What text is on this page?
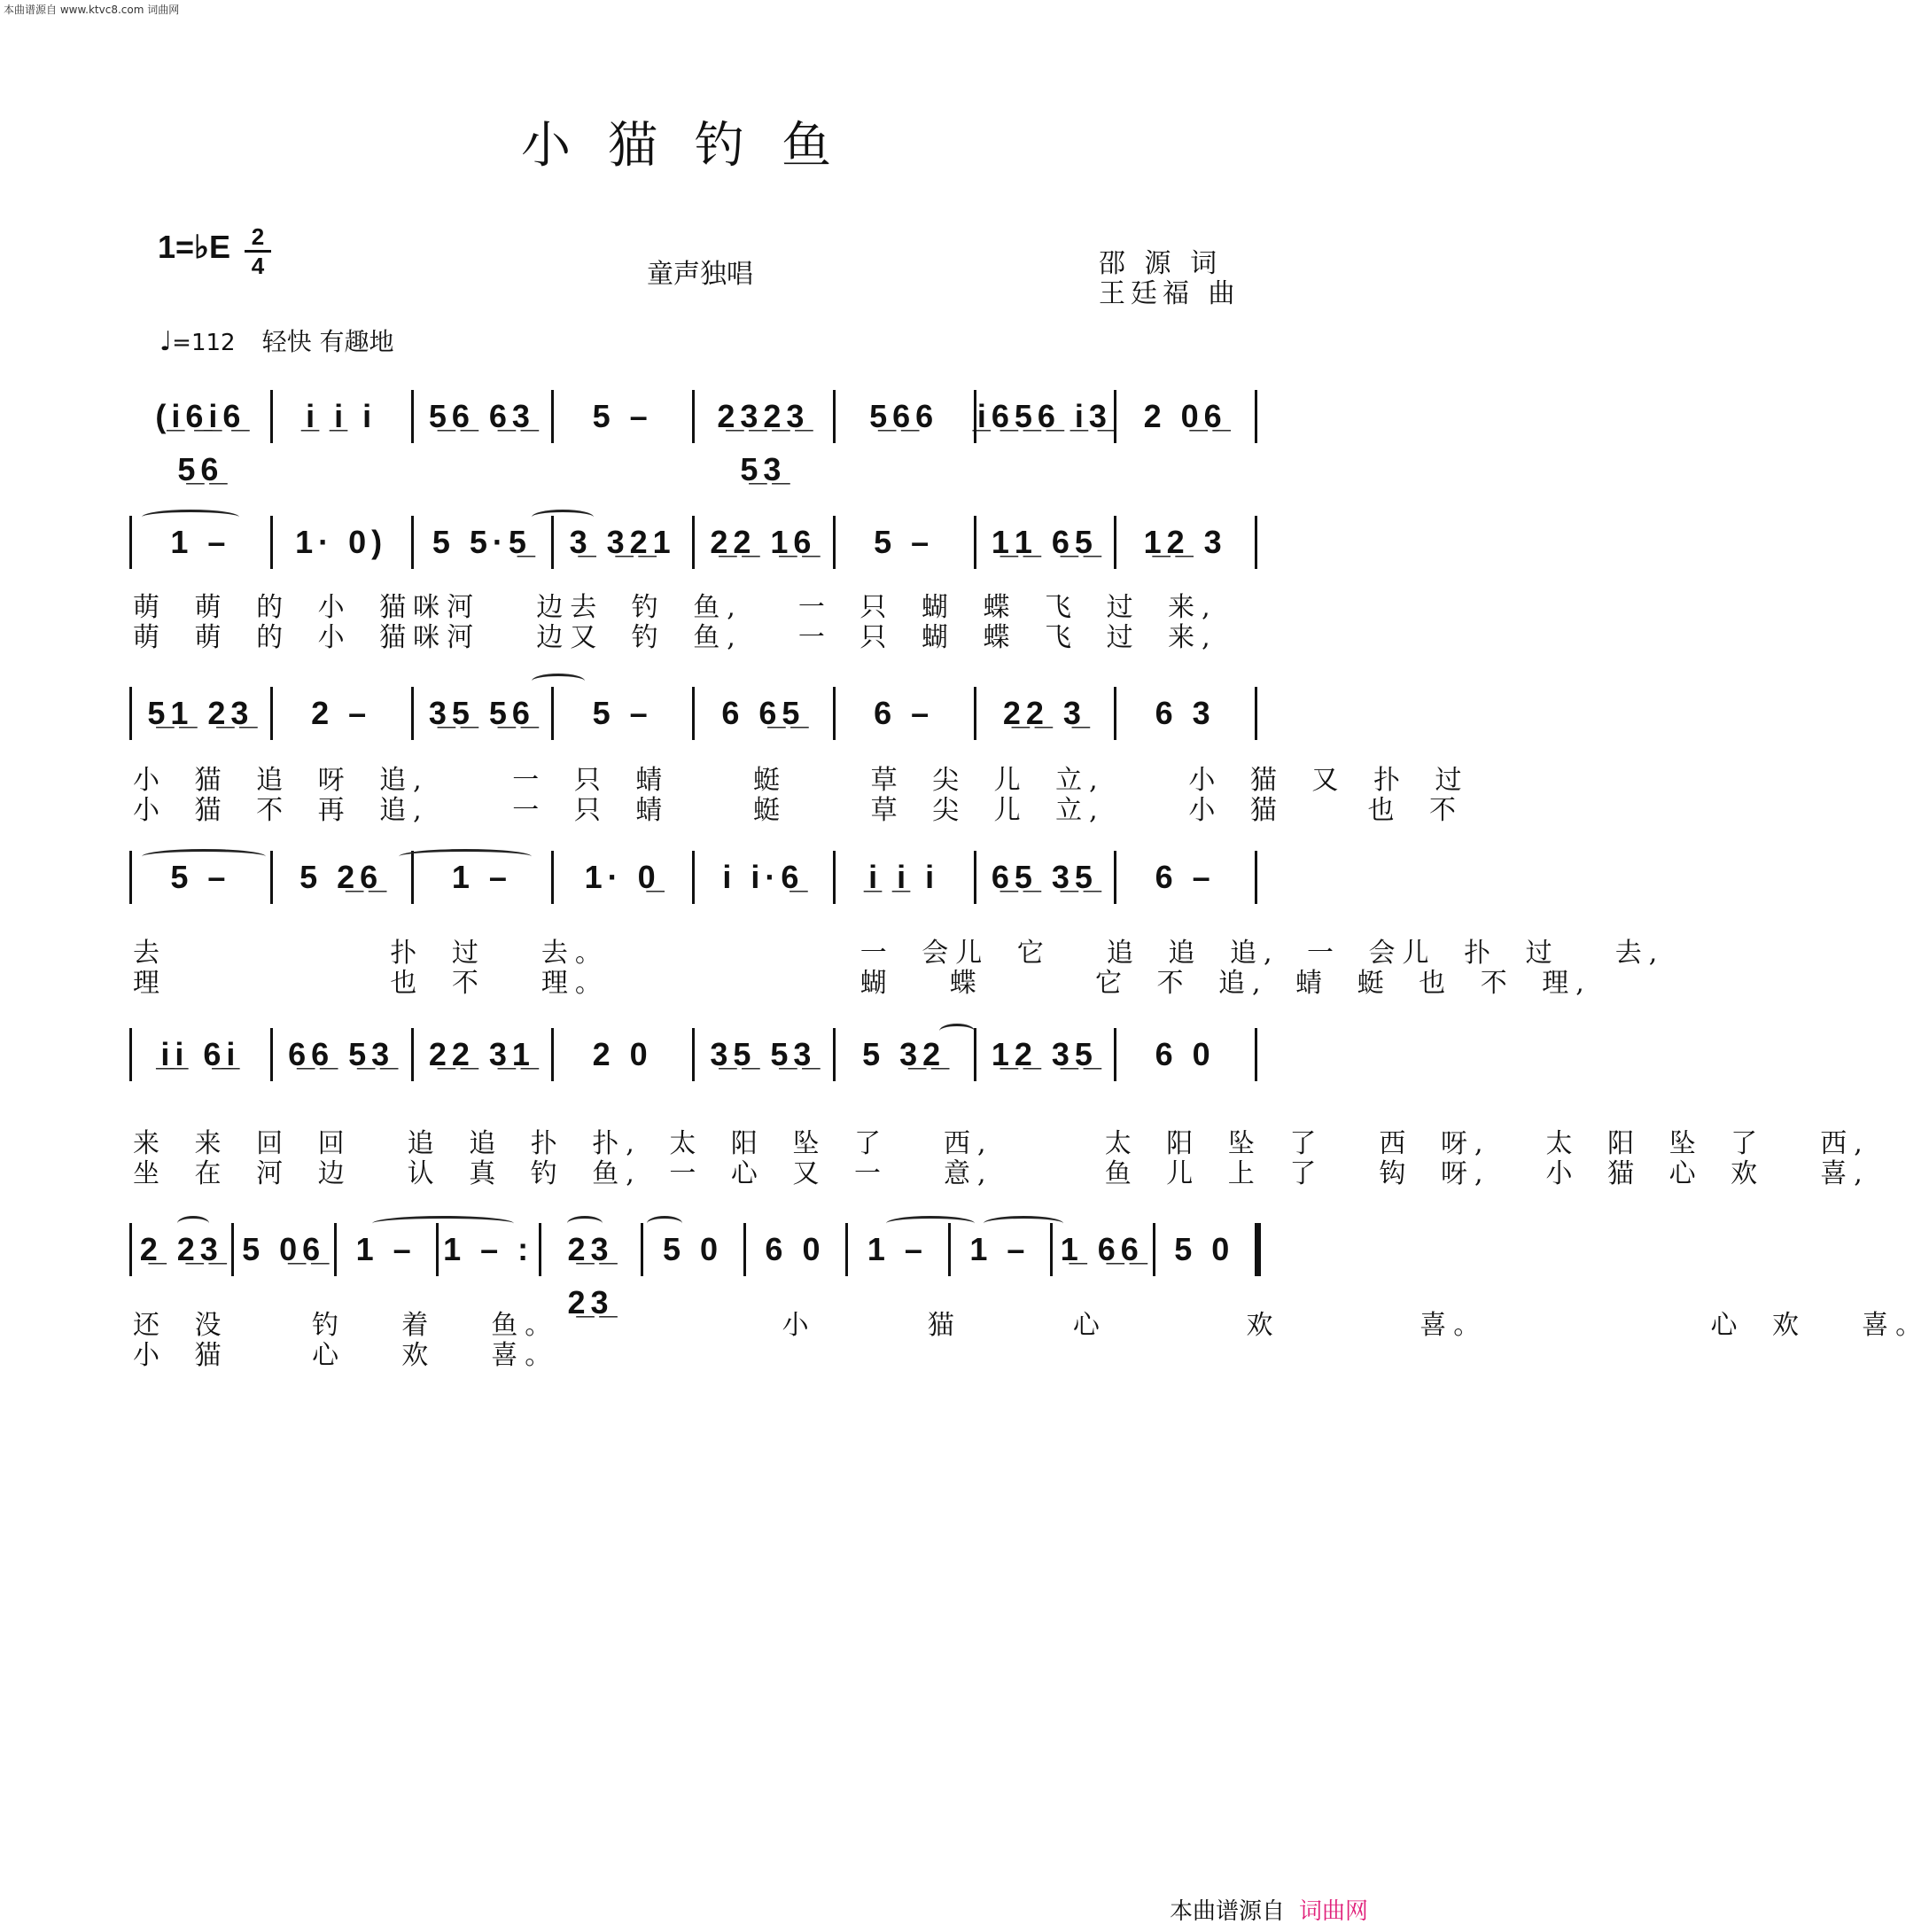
本曲谱源自 www.ktvc8.com 词曲网
小猫钓鱼
1=♭E 2
4	童声独唱	邵 源 词
王廷福 曲
♩=112 轻快 有趣地
(i̲6̲i̲6̲ 5̲6̲
i̲ i̲ i	5̲6̲ 6̲3̲	5 –	2̲3̲2̲3̲ 5̲3̲
5̲6̲6	i̲6̲5̲6̲ i̲3̲ 2 0̲6̲
1 –	1· 0)	5 5·5̲	3̲ 3̲2̲1	2̲2̲ 1̲6̲	5 –	1̲1̲ 6̲5̲	1̲2̲ 3
萌 萌 的 小 猫咪河  边去 钓 鱼,  一 只 蝴 蝶 飞 过 来,
萌 萌 的 小 猫咪河  边又 钓 鱼,  一 只 蝴 蝶 飞 过 来,
5̲1̲ 2̲3̲	2 –	3̲5̲ 5̲6̲	5 –	6 6̲5̲	6 –	2̲2̲ 3̲	6 3
小 猫 追 呀 追,   一 只 蜻   蜓   草 尖 儿 立,   小 猫 又 扑 过
小 猫 不 再 追,   一 只 蜻   蜓   草 尖 儿 立,   小 猫   也 不
5 –	5 2̲6̲	1 –	1· 0̲	i i·6̲	i̲ i̲ i	6̲5̲ 3̲5̲	6 –
去        扑 过  去。         一 会儿 它  追 追 追, 一 会儿 扑 过  去,
理        也 不  理。         蝴  蝶    它 不 追, 蜻 蜓 也 不 理,
i̲i̲ 6̲i̲	6̲6̲ 5̲3̲	2̲2̲ 3̲1̲	2 0	3̲5̲ 5̲3̲	5 3̲2̲	1̲2̲ 3̲5̲	6 0
来 来 回 回  追 追 扑 扑, 太 阳 坠 了  西,    太 阳 坠 了  西 呀,  太 阳 坠 了  西,
坐 在 河 边  认 真 钓 鱼, 一 心 又 一  意,    鱼 儿 上 了  钩 呀,  小 猫 心 欢  喜,
2̲ 2̲3̲ 5 0̲6̲ 1 – 1 – :	2̲3̲ 2̲3̲
5 0	6 0	1 –	1 – 1̲ 6̲6̲ 5 0
还 没   钓  着  鱼。        小    猫    心     欢     喜。        心 欢  喜。
小 猫   心  欢  喜。
本曲谱源自 词曲网
